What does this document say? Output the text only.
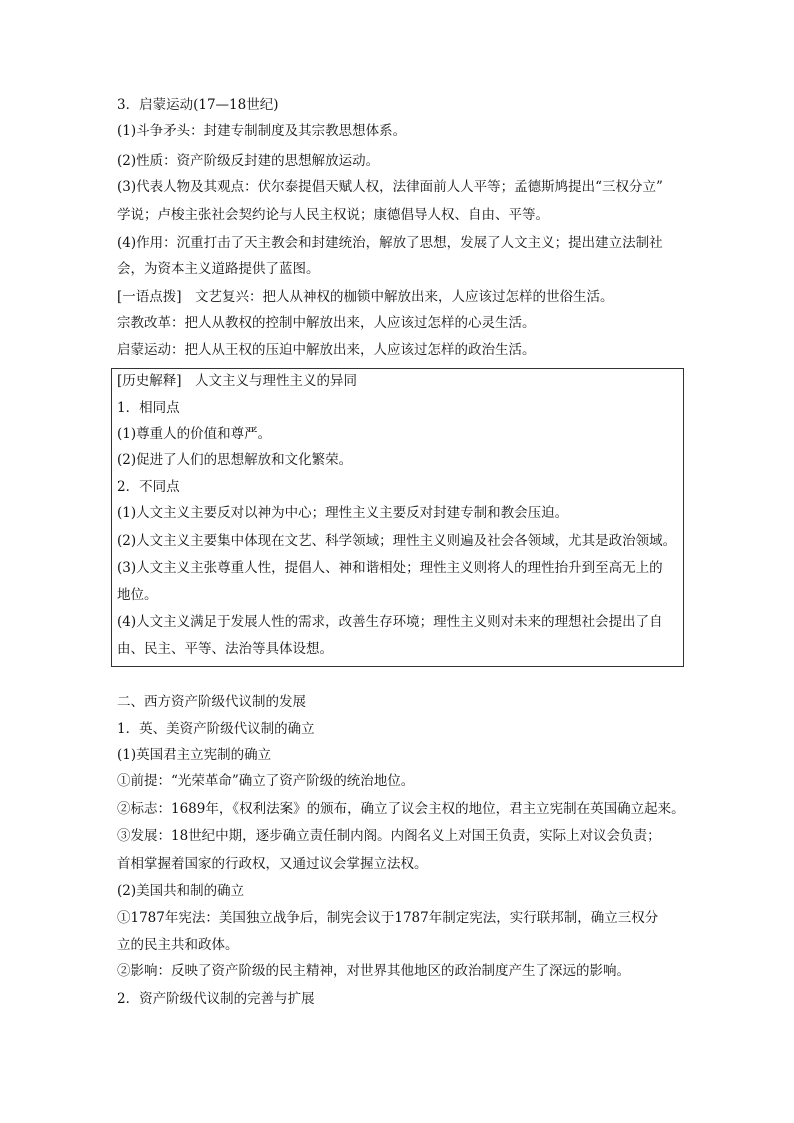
3．启蒙运动(17—18世纪)
(1)斗争矛头：封建专制制度及其宗教思想体系。
(2)性质：资产阶级反封建的思想解放运动。
(3)代表人物及其观点：伏尔泰提倡天赋人权，法律面前人人平等；孟德斯鸠提出“三权分立”
学说；卢梭主张社会契约论与人民主权说；康德倡导人权、自由、平等。
(4)作用：沉重打击了天主教会和封建统治，解放了思想，发展了人文主义；提出建立法制社
会，为资本主义道路提供了蓝图。
[一语点拨]　文艺复兴：把人从神权的枷锁中解放出来，人应该过怎样的世俗生活。
宗教改革：把人从教权的控制中解放出来，人应该过怎样的心灵生活。
启蒙运动：把人从王权的压迫中解放出来，人应该过怎样的政治生活。
[历史解释]　人文主义与理性主义的异同
1．相同点
(1)尊重人的价值和尊严。
(2)促进了人们的思想解放和文化繁荣。
2．不同点
(1)人文主义主要反对以神为中心；理性主义主要反对封建专制和教会压迫。
(2)人文主义主要集中体现在文艺、科学领域；理性主义则遍及社会各领域，尤其是政治领域。
(3)人文主义主张尊重人性，提倡人、神和谐相处；理性主义则将人的理性抬升到至高无上的
地位。
(4)人文主义满足于发展人性的需求，改善生存环境；理性主义则对未来的理想社会提出了自
由、民主、平等、法治等具体设想。
二、西方资产阶级代议制的发展
1．英、美资产阶级代议制的确立
(1)英国君主立宪制的确立
①前提：“光荣革命”确立了资产阶级的统治地位。
②标志：1689年，《权利法案》的颁布，确立了议会主权的地位，君主立宪制在英国确立起来。
③发展：18世纪中期，逐步确立责任制内阁。内阁名义上对国王负责，实际上对议会负责；
首相掌握着国家的行政权，又通过议会掌握立法权。
(2)美国共和制的确立
①1787年宪法：美国独立战争后，制宪会议于1787年制定宪法，实行联邦制，确立三权分
立的民主共和政体。
②影响：反映了资产阶级的民主精神，对世界其他地区的政治制度产生了深远的影响。
2．资产阶级代议制的完善与扩展
